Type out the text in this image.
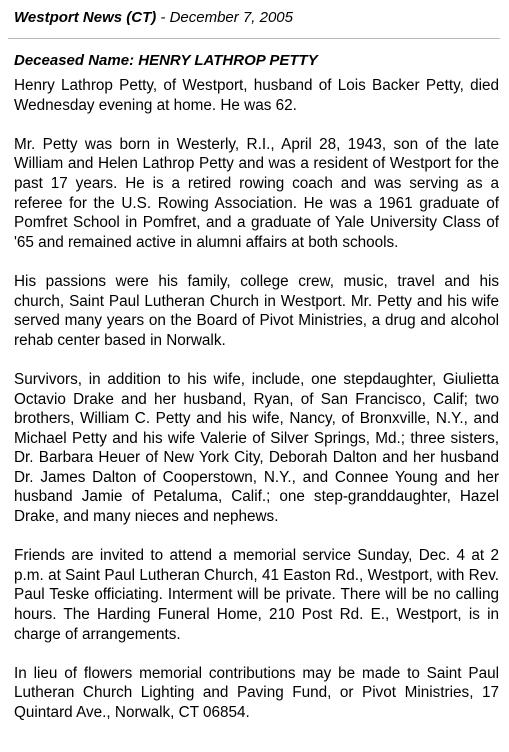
Westport News (CT) - December 7, 2005
Deceased Name: HENRY LATHROP PETTY

Henry Lathrop Petty, of Westport, husband of Lois Backer Petty, died Wednesday evening at home. He was 62.

Mr. Petty was born in Westerly, R.I., April 28, 1943, son of the late William and Helen Lathrop Petty and was a resident of Westport for the past 17 years. He is a retired rowing coach and was serving as a referee for the U.S. Rowing Association. He was a 1961 graduate of Pomfret School in Pomfret, and a graduate of Yale University Class of '65 and remained active in alumni affairs at both schools.

His passions were his family, college crew, music, travel and his church, Saint Paul Lutheran Church in Westport. Mr. Petty and his wife served many years on the Board of Pivot Ministries, a drug and alcohol rehab center based in Norwalk.

Survivors, in addition to his wife, include, one stepdaughter, Giulietta Octavio Drake and her husband, Ryan, of San Francisco, Calif; two brothers, William C. Petty and his wife, Nancy, of Bronxville, N.Y., and Michael Petty and his wife Valerie of Silver Springs, Md.; three sisters, Dr. Barbara Heuer of New York City, Deborah Dalton and her husband Dr. James Dalton of Cooperstown, N.Y., and Connee Young and her husband Jamie of Petaluma, Calif.; one step-granddaughter, Hazel Drake, and many nieces and nephews.

Friends are invited to attend a memorial service Sunday, Dec. 4 at 2 p.m. at Saint Paul Lutheran Church, 41 Easton Rd., Westport, with Rev. Paul Teske officiating. Interment will be private. There will be no calling hours. The Harding Funeral Home, 210 Post Rd. E., Westport, is in charge of arrangements.

In lieu of flowers memorial contributions may be made to Saint Paul Lutheran Church Lighting and Paving Fund, or Pivot Ministries, 17 Quintard Ave., Norwalk, CT 06854.
